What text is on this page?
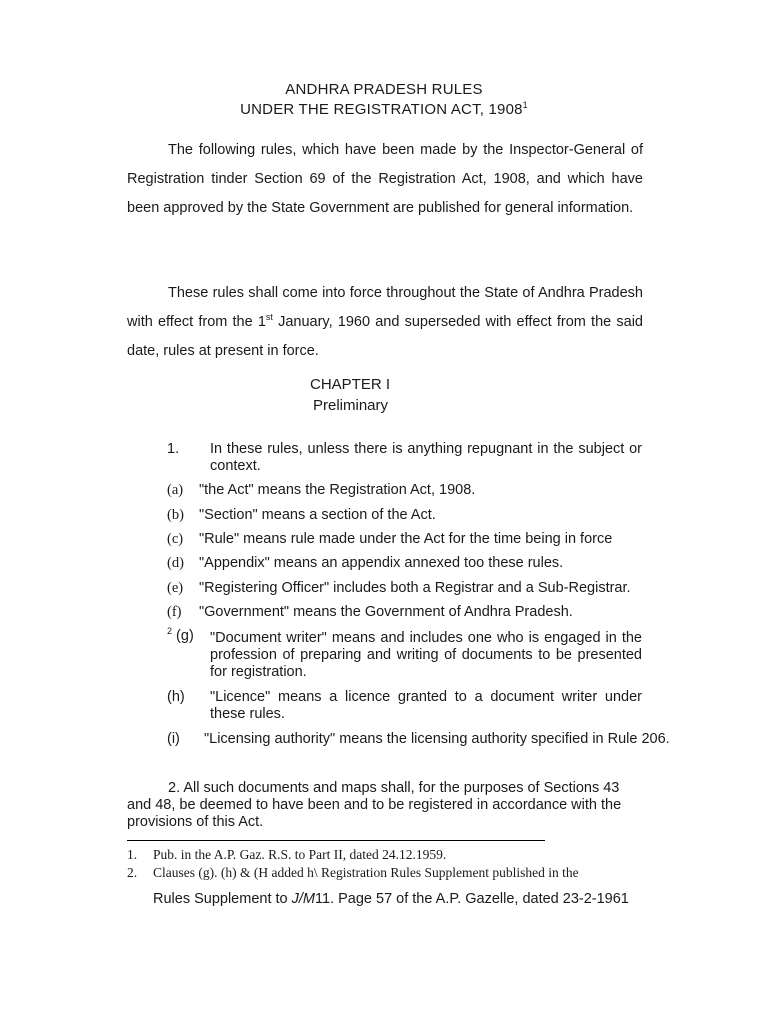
ANDHRA PRADESH RULES
UNDER THE REGISTRATION ACT, 1908$^1$
The following rules, which have been made by the Inspector-General of Registration tinder Section 69 of the Registration Act, 1908, and which have been approved by the State Government are published for general information.
These rules shall come into force throughout the State of Andhra Pradesh with effect from the 1st January, 1960 and superseded with effect from the said date, rules at present in force.
CHAPTER I
Preliminary
1. In these rules, unless there is anything repugnant in the subject or context.
(a) "the Act" means the Registration Act, 1908.
(b) "Section" means a section of the Act.
(c) "Rule" means rule made under the Act for the time being in force
(d) "Appendix" means an appendix annexed too these rules.
(e) "Registering Officer" includes both a Registrar and a Sub-Registrar.
(f) "Government" means the Government of Andhra Pradesh.
$^2$ (g) "Document writer" means and includes one who is engaged in the profession of preparing and writing of documents to be presented for registration.
(h) "Licence" means a licence granted to a document writer under these rules.
(i) "Licensing authority" means the licensing authority specified in Rule 206.
2. All such documents and maps shall, for the purposes of Sections 43 and 48, be deemed to have been and to be registered in accordance with the provisions of this Act.
1. Pub. in the A.P. Gaz. R.S. to Part II, dated 24.12.1959.
2. Clauses (g). (h) & (H added h\ Registration Rules Supplement published in the
Rules Supplement to J/M11. Page 57 of the A.P. Gazelle, dated 23-2-1961
